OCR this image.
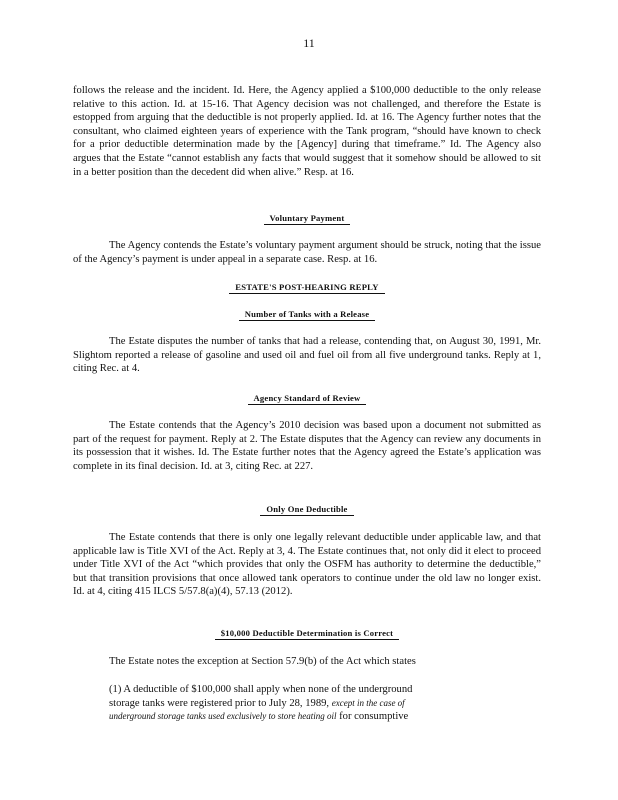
11

follows the release and the incident. Id. Here, the Agency applied a $100,000 deductible to the only release relative to this action. Id. at 15-16. That Agency decision was not challenged, and therefore the Estate is estopped from arguing that the deductible is not properly applied. Id. at 16. The Agency further notes that the consultant, who claimed eighteen years of experience with the Tank program, “should have known to check for a prior deductible determination made by the [Agency] during that timeframe.” Id. The Agency also argues that the Estate “cannot establish any facts that would suggest that it somehow should be allowed to sit in a better position than the decedent did when alive.” Resp. at 16.

Voluntary Payment

The Agency contends the Estate’s voluntary payment argument should be struck, noting that the issue of the Agency’s payment is under appeal in a separate case. Resp. at 16.

ESTATE'S POST-HEARING REPLY
Number of Tanks with a Release

The Estate disputes the number of tanks that had a release, contending that, on August 30, 1991, Mr. Slightom reported a release of gasoline and used oil and fuel oil from all five underground tanks. Reply at 1, citing Rec. at 4.

Agency Standard of Review

The Estate contends that the Agency’s 2010 decision was based upon a document not submitted as part of the request for payment. Reply at 2. The Estate disputes that the Agency can review any documents in its possession that it wishes. Id. The Estate further notes that the Agency agreed the Estate’s application was complete in its final decision. Id. at 3, citing Rec. at 227.

Only One Deductible

The Estate contends that there is only one legally relevant deductible under applicable law, and that applicable law is Title XVI of the Act. Reply at 3, 4. The Estate continues that, not only did it elect to proceed under Title XVI of the Act “which provides that only the OSFM has authority to determine the deductible,” but that transition provisions that once allowed tank operators to continue under the old law no longer exist. Id. at 4, citing 415 ILCS 5/57.8(a)(4), 57.13 (2012).

$10,000 Deductible Determination is Correct

The Estate notes the exception at Section 57.9(b) of the Act which states

(1) A deductible of $100,000 shall apply when none of the underground

storage tanks were registered prior to July 28, 1989, except in the case of

underground storage tanks used exclusively to store heating oil for consumptive
